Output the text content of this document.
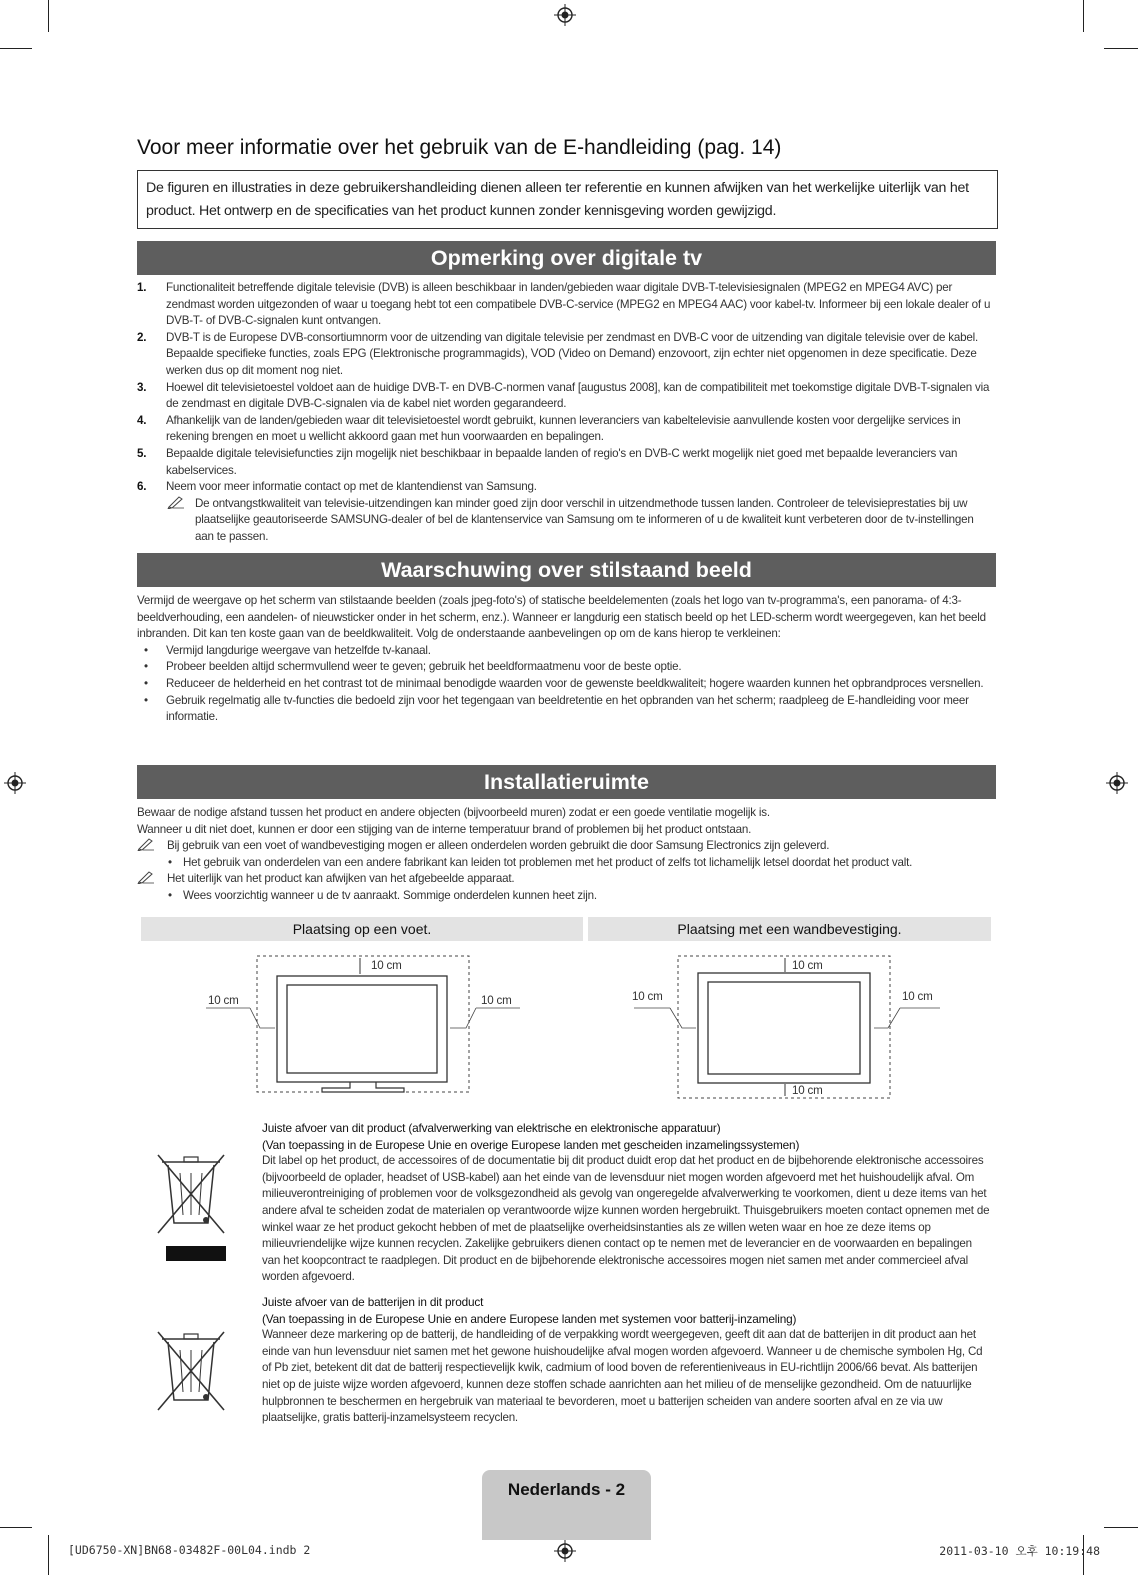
Voor meer informatie over het gebruik van de E-handleiding (pag. 14)
De figuren en illustraties in deze gebruikershandleiding dienen alleen ter referentie en kunnen afwijken van het werkelijke uiterlijk van het product. Het ontwerp en de specificaties van het product kunnen zonder kennisgeving worden gewijzigd.
Opmerking over digitale tv
1. Functionaliteit betreffende digitale televisie (DVB) is alleen beschikbaar in landen/gebieden waar digitale DVB-T-televisiesignalen (MPEG2 en MPEG4 AVC) per zendmast worden uitgezonden of waar u toegang hebt tot een compatibele DVB-C-service (MPEG2 en MPEG4 AAC) voor kabel-tv. Informeer bij een lokale dealer of u DVB-T- of DVB-C-signalen kunt ontvangen.
2. DVB-T is de Europese DVB-consortiumnorm voor de uitzending van digitale televisie per zendmast en DVB-C voor de uitzending van digitale televisie over de kabel. Bepaalde specifieke functies, zoals EPG (Elektronische programmagids), VOD (Video on Demand) enzovoort, zijn echter niet opgenomen in deze specificatie. Deze werken dus op dit moment nog niet.
3. Hoewel dit televisietoestel voldoet aan de huidige DVB-T- en DVB-C-normen vanaf [augustus 2008], kan de compatibiliteit met toekomstige digitale DVB-T-signalen via de zendmast en digitale DVB-C-signalen via de kabel niet worden gegarandeerd.
4. Afhankelijk van de landen/gebieden waar dit televisietoestel wordt gebruikt, kunnen leveranciers van kabeltelevisie aanvullende kosten voor dergelijke services in rekening brengen en moet u wellicht akkoord gaan met hun voorwaarden en bepalingen.
5. Bepaalde digitale televisiefuncties zijn mogelijk niet beschikbaar in bepaalde landen of regio's en DVB-C werkt mogelijk niet goed met bepaalde leveranciers van kabelservices.
6. Neem voor meer informatie contact op met de klantendienst van Samsung.
De ontvangstkwaliteit van televisie-uitzendingen kan minder goed zijn door verschil in uitzendmethode tussen landen. Controleer de televisieprestaties bij uw plaatselijke geautoriseerde SAMSUNG-dealer of bel de klantenservice van Samsung om te informeren of u de kwaliteit kunt verbeteren door de tv-instellingen aan te passen.
Waarschuwing over stilstaand beeld
Vermijd de weergave op het scherm van stilstaande beelden (zoals jpeg-foto's) of statische beeldelementen (zoals het logo van tv-programma's, een panorama- of 4:3-beeldverhouding, een aandelen- of nieuwsticker onder in het scherm, enz.). Wanneer er langdurig een statisch beeld op het LED-scherm wordt weergegeven, kan het beeld inbranden. Dit kan ten koste gaan van de beeldkwaliteit. Volg de onderstaande aanbevelingen op om de kans hierop te verkleinen:
• Vermijd langdurige weergave van hetzelfde tv-kanaal.
• Probeer beelden altijd schermvullend weer te geven; gebruik het beeldformaatmenu voor de beste optie.
• Reduceer de helderheid en het contrast tot de minimaal benodigde waarden voor de gewenste beeldkwaliteit; hogere waarden kunnen het opbrandproces versnellen.
• Gebruik regelmatig alle tv-functies die bedoeld zijn voor het tegengaan van beeldretentie en het opbranden van het scherm; raadpleeg de E-handleiding voor meer informatie.
Installatieruimte
Bewaar de nodige afstand tussen het product en andere objecten (bijvoorbeeld muren) zodat er een goede ventilatie mogelijk is.
Wanneer u dit niet doet, kunnen er door een stijging van de interne temperatuur brand of problemen bij het product ontstaan.
Bij gebruik van een voet of wandbevestiging mogen er alleen onderdelen worden gebruikt die door Samsung Electronics zijn geleverd.
• Het gebruik van onderdelen van een andere fabrikant kan leiden tot problemen met het product of zelfs tot lichamelijk letsel doordat het product valt.
Het uiterlijk van het product kan afwijken van het afgebeelde apparaat.
• Wees voorzichtig wanneer u de tv aanraakt. Sommige onderdelen kunnen heet zijn.
Plaatsing op een voet.	Plaatsing met een wandbevestiging.
10 cm
10 cm	10 cm
10 cm
10 cm	10 cm
10 cm
Juiste afvoer van dit product (afvalverwerking van elektrische en elektronische apparatuur)
(Van toepassing in de Europese Unie en overige Europese landen met gescheiden inzamelingssystemen)
Dit label op het product, de accessoires of de documentatie bij dit product duidt erop dat het product en de bijbehorende elektronische accessoires (bijvoorbeeld de oplader, headset of USB-kabel) aan het einde van de levensduur niet mogen worden afgevoerd met het huishoudelijk afval. Om milieuverontreiniging of problemen voor de volksgezondheid als gevolg van ongeregelde afvalverwerking te voorkomen, dient u deze items van het andere afval te scheiden zodat de materialen op verantwoorde wijze kunnen worden hergebruikt. Thuisgebruikers moeten contact opnemen met de winkel waar ze het product gekocht hebben of met de plaatselijke overheidsinstanties als ze willen weten waar en hoe ze deze items op milieuvriendelijke wijze kunnen recyclen. Zakelijke gebruikers dienen contact op te nemen met de leverancier en de voorwaarden en bepalingen van het koopcontract te raadplegen. Dit product en de bijbehorende elektronische accessoires mogen niet samen met ander commercieel afval worden afgevoerd.
Juiste afvoer van de batterijen in dit product
(Van toepassing in de Europese Unie en andere Europese landen met systemen voor batterij-inzameling)
Wanneer deze markering op de batterij, de handleiding of de verpakking wordt weergegeven, geeft dit aan dat de batterijen in dit product aan het einde van hun levensduur niet samen met het gewone huishoudelijke afval mogen worden afgevoerd. Wanneer u de chemische symbolen Hg, Cd of Pb ziet, betekent dit dat de batterij respectievelijk kwik, cadmium of lood boven de referentieniveaus in EU-richtlijn 2006/66 bevat. Als batterijen niet op de juiste wijze worden afgevoerd, kunnen deze stoffen schade aanrichten aan het milieu of de menselijke gezondheid. Om de natuurlijke hulpbronnen te beschermen en hergebruik van materiaal te bevorderen, moet u batterijen scheiden van andere soorten afval en ze via uw plaatselijke, gratis batterij-inzamelsysteem recyclen.
Nederlands - 2
[UD6750-XN]BN68-03482F-00L04.indb 2	2011-03-10 오후 10:19:48
